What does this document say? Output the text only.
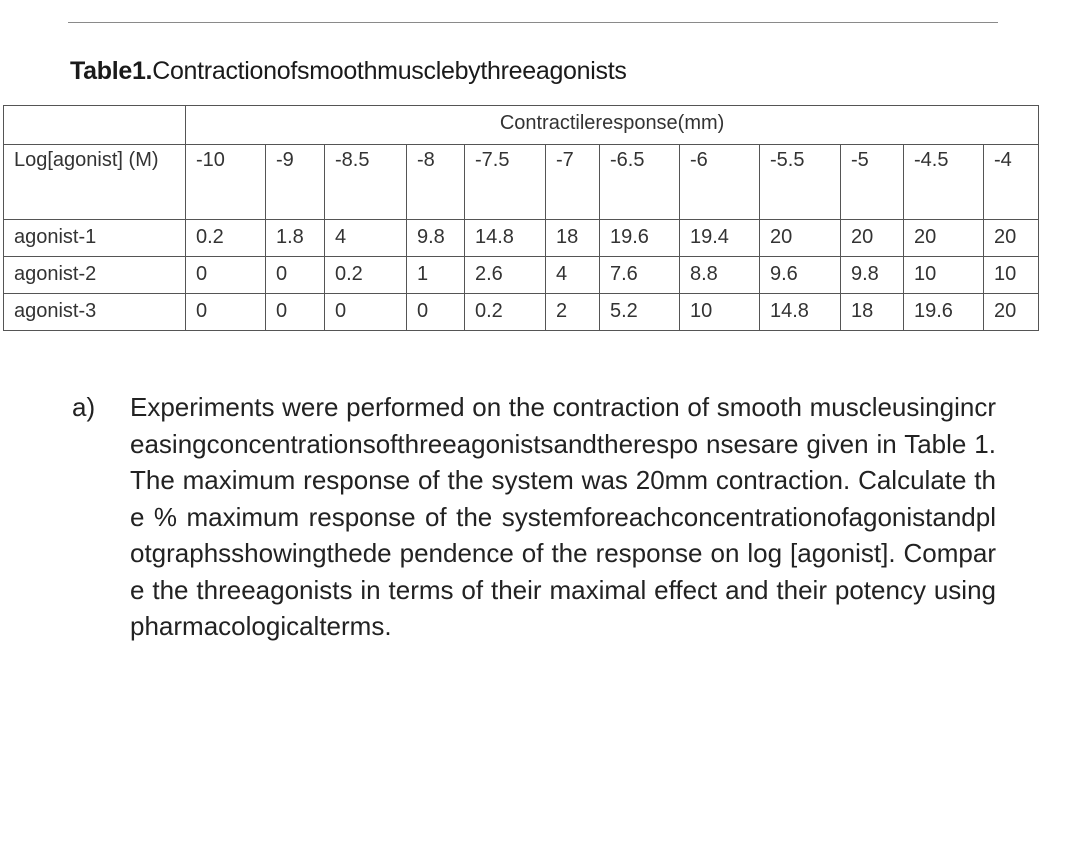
Table1.Contractionofsmoothmusclebythreeagonists
	Contractileresponse(mm)											
Log[agonist] (M)	-10	-9	-8.5	-8	-7.5	-7	-6.5	-6	-5.5	-5	-4.5	-4
agonist-1	0.2	1.8	4	9.8	14.8	18	19.6	19.4	20	20	20	20
agonist-2	0	0	0.2	1	2.6	4	7.6	8.8	9.6	9.8	10	10
agonist-3	0	0	0	0	0.2	2	5.2	10	14.8	18	19.6	20
a) Experiments were performed on the contraction of smooth muscleusingincreasingconcentrationsofthreeagonistsandtherespo nsesare given in Table 1. The maximum response of the system was 20mm contraction. Calculate the % maximum response of the systemforeachconcentrationofagonistandplotgraphsshowingthede pendence of the response on log [agonist]. Compare the threeagonists in terms of their maximal effect and their potency usingpharmacologicalterms.
